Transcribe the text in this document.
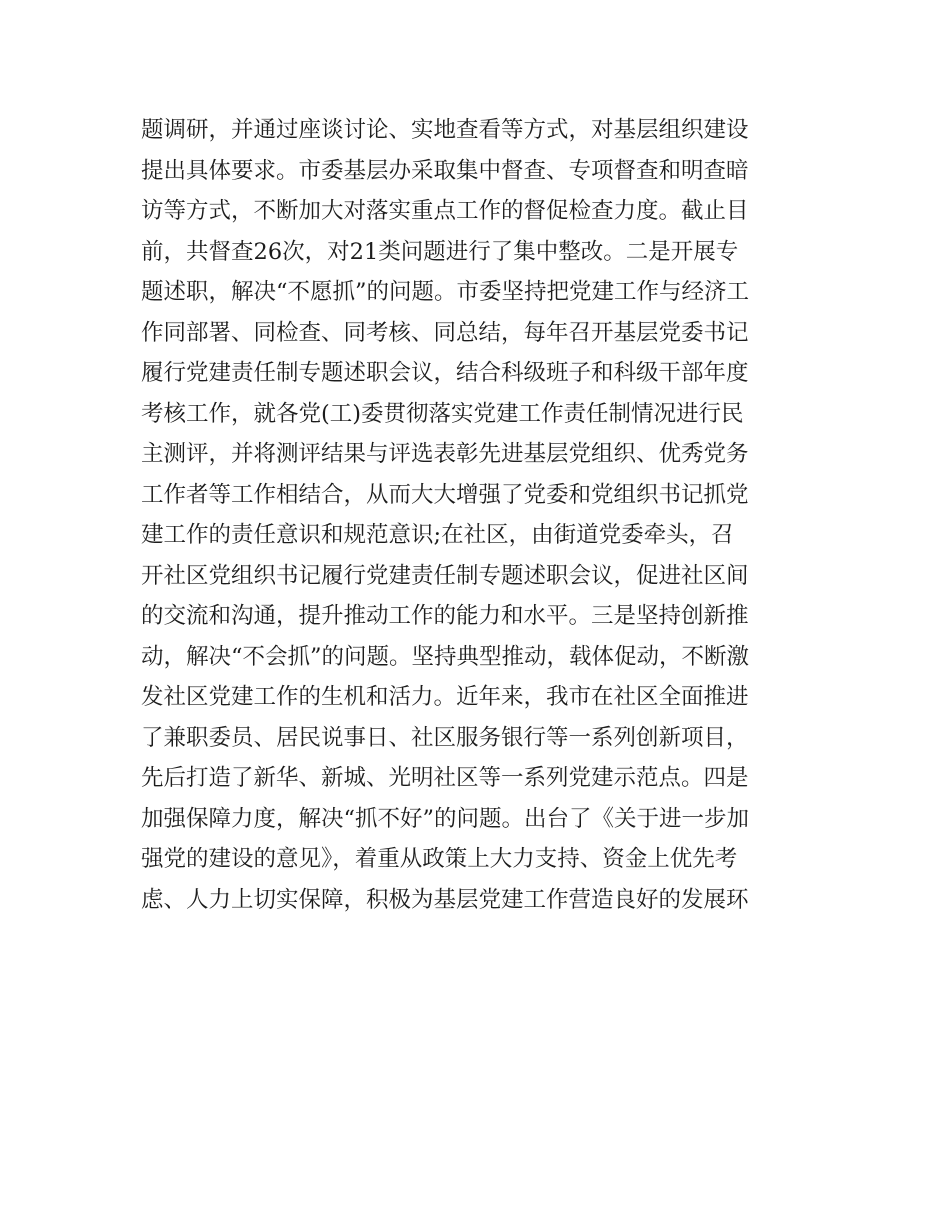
题调研，并通过座谈讨论、实地查看等方式，对基层组织建设
提出具体要求。市委基层办采取集中督查、专项督查和明查暗
访等方式，不断加大对落实重点工作的督促检查力度。截止目
前，共督查26次，对21类问题进行了集中整改。二是开展专
题述职，解决“不愿抓”的问题。市委坚持把党建工作与经济工
作同部署、同检查、同考核、同总结，每年召开基层党委书记
履行党建责任制专题述职会议，结合科级班子和科级干部年度
考核工作，就各党(工)委贯彻落实党建工作责任制情况进行民
主测评，并将测评结果与评选表彰先进基层党组织、优秀党务
工作者等工作相结合，从而大大增强了党委和党组织书记抓党
建工作的责任意识和规范意识;在社区，由街道党委牵头，召
开社区党组织书记履行党建责任制专题述职会议，促进社区间
的交流和沟通，提升推动工作的能力和水平。三是坚持创新推
动，解决“不会抓”的问题。坚持典型推动，载体促动，不断激
发社区党建工作的生机和活力。近年来，我市在社区全面推进
了兼职委员、居民说事日、社区服务银行等一系列创新项目，
先后打造了新华、新城、光明社区等一系列党建示范点。四是
加强保障力度，解决“抓不好”的问题。出台了《关于进一步加
强党的建设的意见》，着重从政策上大力支持、资金上优先考
虑、人力上切实保障，积极为基层党建工作营造良好的发展环
